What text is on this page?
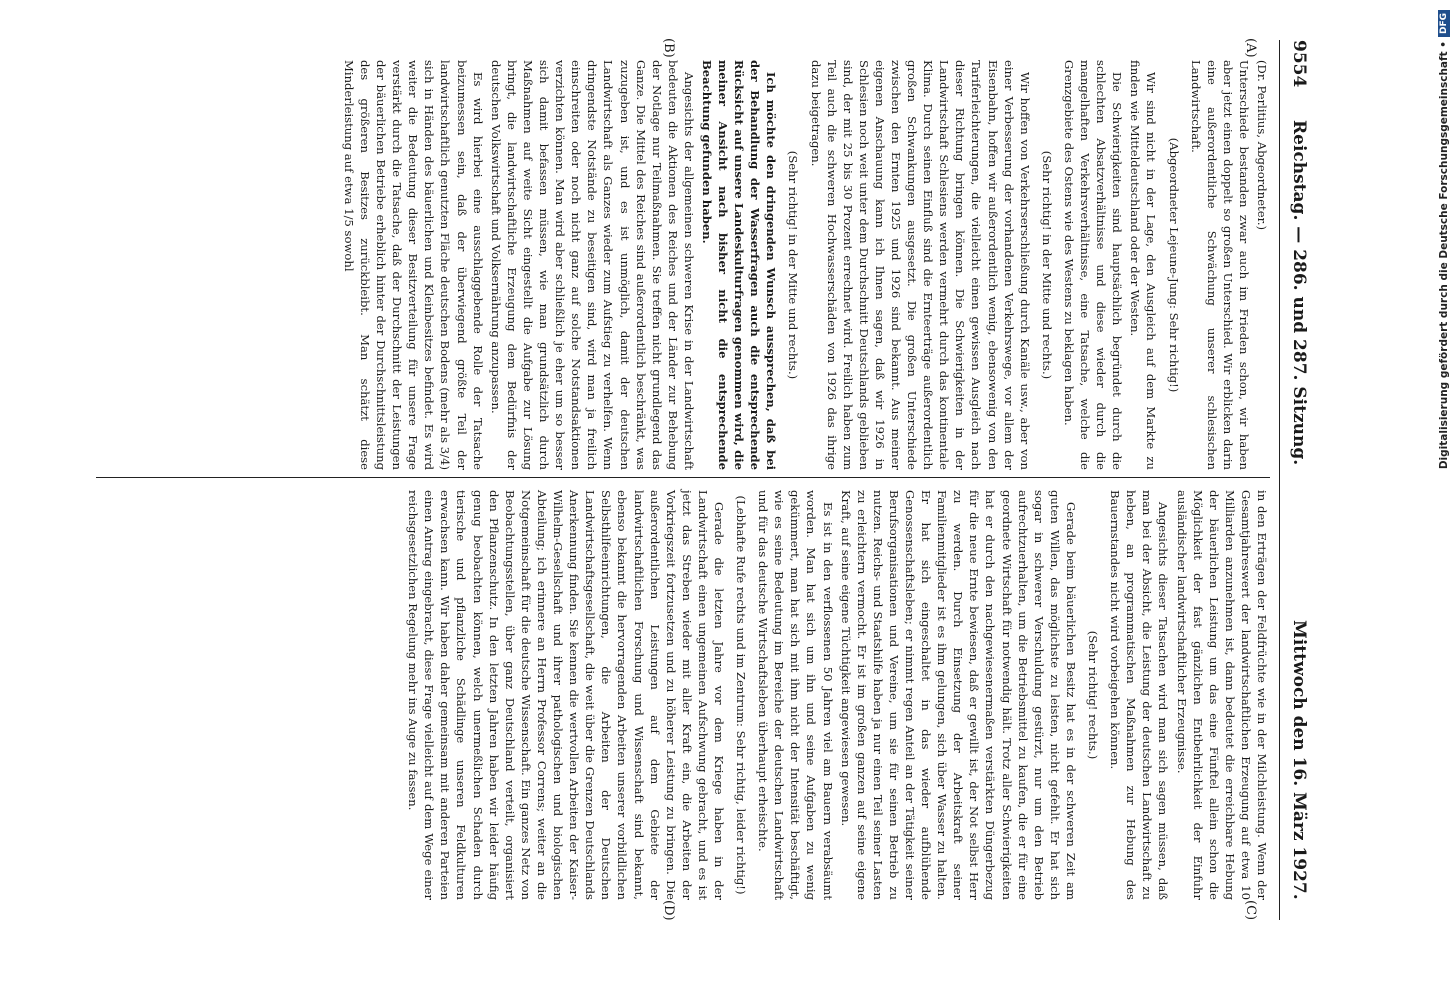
9554
Reichstag. — 286. und 287. Sitzung.
Mittwoch den 16. März 1927.
(A)
(B)
(C)
(D)

(Dr. Perlitius, Abgeordneter.)

Unterschiede bestanden zwar auch im Frieden schon, wir haben aber jetzt einen doppelt so großen Unterschied. Wir erblicken darin eine außerordentliche Schwächung unserer schlesischen Landwirtschaft.

(Abgeordneter Lejeune-Jung: Sehr richtig!)

Wir sind nicht in der Lage, den Ausgleich auf dem Markte zu finden wie Mitteldeutschland oder der Westen.

Die Schwierigkeiten sind hauptsächlich begründet durch die schlechten Absatzverhältnisse und diese wieder durch die mangelhaften Verkehrsverhältnisse, eine Tatsache, welche die Grenzgebiete des Ostens wie des Westens zu beklagen haben.

(Sehr richtig! in der Mitte und rechts.)

Wir hoffen von Verkehrserschließung durch Kanäle usw., aber von einer Verbesserung der vorhandenen Verkehrswege, vor allem der Eisenbahn, hoffen wir außerordentlich wenig, ebensowenig von den Tariferleichterungen, die vielleicht einen gewissen Ausgleich nach dieser Richtung bringen können. Die Schwierigkeiten in der Landwirtschaft Schlesiens werden vermehrt durch das kontinentale Klima. Durch seinen Einfluß sind die Ernteerträge außerordentlich großen Schwankungen ausgesetzt. Die großen Unterschiede zwischen den Ernten 1925 und 1926 sind bekannt. Aus meiner eigenen Anschauung kann ich Ihnen sagen, daß wir 1926 in Schlesien noch weit unter dem Durchschnitt Deutschlands geblieben sind, der mit 25 bis 30 Prozent errechnet wird. Freilich haben zum Teil auch die schweren Hochwasserschäden von 1926 das ihrige dazu beigetragen.

(Sehr richtig! in der Mitte und rechts.)

Ich möchte den dringenden Wunsch aussprechen, daß bei der Behandlung der Wasserfragen auch die entsprechende Rücksicht auf unsere Landeskulturfragen genommen wird, die meiner Ansicht nach bisher nicht die entsprechende Beachtung gefunden haben.

Angesichts der allgemeinen schweren Krise in der Landwirtschaft bedeuten die Aktionen des Reiches und der Länder zur Behebung der Notlage nur Teilmaßnahmen. Sie treffen nicht grundlegend das Ganze. Die Mittel des Reiches sind außerordentlich beschränkt, was zuzugeben ist, und es ist unmöglich, damit der deutschen Landwirtschaft als Ganzes wieder zum Aufstieg zu verhelfen. Wenn dringendste Notstände zu beseitigen sind, wird man ja freilich einschreiten oder noch nicht ganz auf solche Notstandsaktionen verzichten können. Man wird aber schließlich je eher um so besser sich damit befassen müssen, wie man grundsätzlich durch Maßnahmen auf weite Sicht eingestellt die Aufgabe zur Lösung bringt, die landwirtschaftliche Erzeugung dem Bedürfnis der deutschen Volkswirtschaft und Volksernährung anzupassen.

Es wird hierbei eine ausschlaggebende Rolle der Tatsache beizumessen sein, daß der überwiegend größte Teil der landwirtschaftlich genutzten Fläche deutschen Bodens (mehr als 3/4) sich in Händen des bäuerlichen und Kleinbesitzes befindet. Es wird weiter die Bedeutung dieser Besitzverteilung für unsere Frage verstärkt durch die Tatsache, daß der Durchschnitt der Leistungen der bäuerlichen Betriebe erheblich hinter der Durchschnittsleistung des größeren Besitzes zurückbleibt. Man schätzt diese Minderleistung auf etwa 1/5 sowohl

in den Erträgen der Feldfrüchte wie in der Milchleistung. Wenn der Gesamtjahreswert der landwirtschaftlichen Erzeugung auf etwa 10 Milliarden anzunehmen ist, dann bedeutet die erreichbare Hebung der bäuerlichen Leistung um das eine Fünftel allein schon die Möglichkeit der fast gänzlichen Entbehrlichkeit der Einfuhr ausländischer landwirtschaftlicher Erzeugnisse.

Angesichts dieser Tatsachen wird man sich sagen müssen, daß man bei der Absicht, die Leistung der deutschen Landwirtschaft zu heben, an programmatischen Maßnahmen zur Hebung des Bauernstandes nicht wird vorbeigehen können.

(Sehr richtig! rechts.)

Gerade beim bäuerlichen Besitz hat es in der schweren Zeit am guten Willen, das möglichste zu leisten, nicht gefehlt. Er hat sich sogar in schwerer Verschuldung gestürzt, nur um den Betrieb aufrechtzuerhalten, um die Betriebsmittel zu kaufen, die er für eine geordnete Wirtschaft für notwendig hält. Trotz aller Schwierigkeiten hat er durch den nachgewiesenermaßen verstärkten Düngerbezug für die neue Ernte bewiesen, daß er gewillt ist, der Not selbst Herr zu werden. Durch Einsetzung der Arbeitskraft seiner Familienmitglieder ist es ihm gelungen, sich über Wasser zu halten. Er hat sich eingeschaltet in das wieder aufblühende Genossenschaftsleben; er nimmt regen Anteil an der Tätigkeit seiner Berufsorganisationen und Vereine, um sie für seinen Betrieb zu nutzen. Reichs- und Staatshilfe haben ja nur einen Teil seiner Lasten zu erleichtern vermocht. Er ist im großen ganzen auf seine eigene Kraft, auf seine eigene Tüchtigkeit angewiesen gewesen.

Es ist in den verflossenen 50 Jahren viel am Bauern verabsäumt worden. Man hat sich um ihn und seine Aufgaben zu wenig gekümmert, man hat sich mit ihm nicht der Intensität beschäftigt, wie es seine Bedeutung im Bereiche der deutschen Landwirtschaft und für das deutsche Wirtschaftsleben überhaupt erheischte.

(Lebhafte Rufe rechts und im Zentrum: Sehr richtig, leider richtig!)

Gerade die letzten Jahre vor dem Kriege haben in der Landwirtschaft einen ungemeinen Aufschwung gebracht, und es ist jetzt das Streben wieder mit aller Kraft ein, die Arbeiten der Vorkriegszeit fortzusetzen und zu höherer Leistung zu bringen. Die außerordentlichen Leistungen auf dem Gebiete der landwirtschaftlichen Forschung und Wissenschaft sind bekannt, ebenso bekannt die hervorragenden Arbeiten unserer vorbildlichen Selbsthilfeeinrichtungen, die Arbeiten der Deutschen Landwirtschaftsgesellschaft, die weit über die Grenzen Deutschlands Anerkennung finden. Sie kennen die wertvollen Arbeiten der Kaiser-Wilhelm-Gesellschaft und ihrer pathologischen und biologischen Abteilung; ich erinnere an Herrn Professor Correns; weiter an die Notgemeinschaft für die deutsche Wissenschaft. Ein ganzes Netz von Beobachtungsstellen, über ganz Deutschland verteilt, organisiert den Pflanzenschutz. In den letzten Jahren haben wir leider häufig genug beobachten können, welch unermeßlichen Schaden durch tierische und pflanzliche Schädlinge unseren Feldkulturen erwachsen kann. Wir haben daher gemeinsam mit anderen Parteien einen Antrag eingebracht, diese Frage vielleicht auf dem Wege einer reichsgesetzlichen Regelung mehr ins Auge zu fassen.

Digitalisierung gefördert durch die Deutsche Forschungsgemeinschaft •
DFG
